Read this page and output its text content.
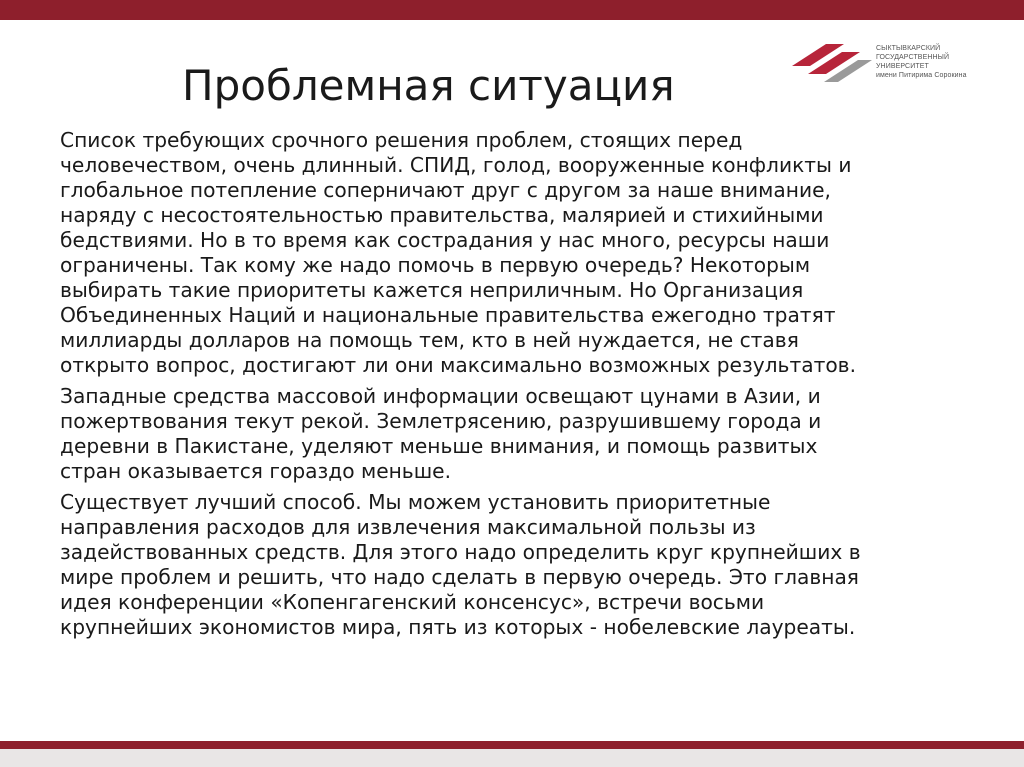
СЫКТЫВКАРСКИЙ
ГОСУДАРСТВЕННЫЙ
УНИВЕРСИТЕТ
имени Питирима Сорокина
Проблемная ситуация

Список требующих срочного решения проблем, стоящих перед
человечеством, очень длинный. СПИД, голод, вооруженные конфликты и
глобальное потепление соперничают друг с другом за наше внимание,
наряду с несостоятельностью правительства, малярией и стихийными
бедствиями. Но в то время как сострадания у нас много, ресурсы наши
ограничены. Так кому же надо помочь в первую очередь? Некоторым
выбирать такие приоритеты кажется неприличным. Но Организация
Объединенных Наций и национальные правительства ежегодно тратят
миллиарды долларов на помощь тем, кто в ней нуждается, не ставя
открыто вопрос, достигают ли они максимально возможных результатов.

Западные средства массовой информации освещают цунами в Азии, и
пожертвования текут рекой. Землетрясению, разрушившему города и
деревни в Пакистане, уделяют меньше внимания, и помощь развитых
стран оказывается гораздо меньше.

Существует лучший способ. Мы можем установить приоритетные
направления расходов для извлечения максимальной пользы из
задействованных средств. Для этого надо определить круг крупнейших в
мире проблем и решить, что надо сделать в первую очередь. Это главная
идея конференции «Копенгагенский консенсус», встречи восьми
крупнейших экономистов мира, пять из которых - нобелевские лауреаты.
